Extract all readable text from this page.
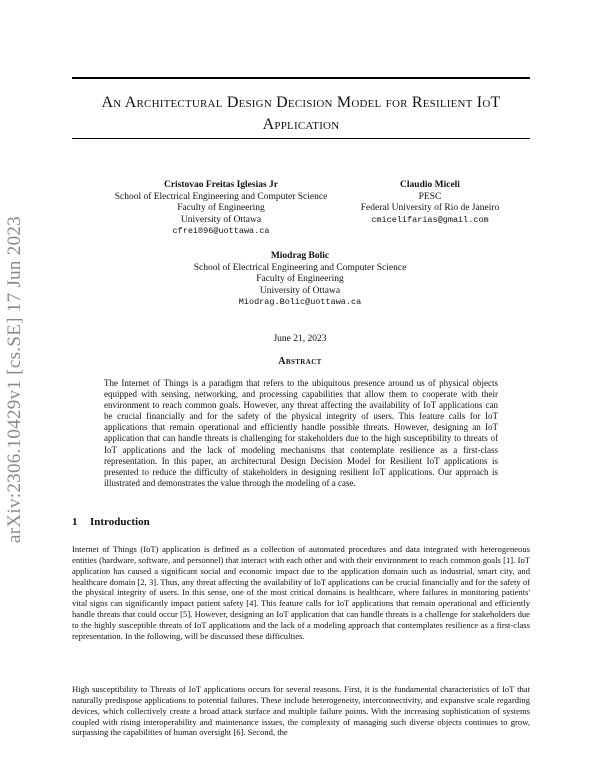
arXiv:2306.10429v1 [cs.SE] 17 Jun 2023
An Architectural Design Decision Model for Resilient IoT Application
Cristovao Freitas Iglesias Jr
School of Electrical Engineering and Computer Science
Faculty of Engineering
University of Ottawa
cfrei096@uottawa.ca
Claudio Miceli
PESC
Federal University of Rio de Janeiro
cmicelifarias@gmail.com
Miodrag Bolic
School of Electrical Engineering and Computer Science
Faculty of Engineering
University of Ottawa
Miodrag.Bolic@uottawa.ca
June 21, 2023
Abstract

The Internet of Things is a paradigm that refers to the ubiquitous presence around us of physical objects equipped with sensing, networking, and processing capabilities that allow them to cooperate with their environment to reach common goals. However, any threat affecting the availability of IoT applications can be crucial financially and for the safety of the physical integrity of users. This feature calls for IoT applications that remain operational and efficiently handle possible threats. However, designing an IoT application that can handle threats is challenging for stakeholders due to the high susceptibility to threats of IoT applications and the lack of modeling mechanisms that contemplate resilience as a first-class representation. In this paper, an architectural Design Decision Model for Resilient IoT applications is presented to reduce the difficulty of stakeholders in designing resilient IoT applications. Our approach is illustrated and demonstrates the value through the modeling of a case.

1 Introduction

Internet of Things (IoT) application is defined as a collection of automated procedures and data integrated with heterogeneous entities (hardware, software, and personnel) that interact with each other and with their environment to reach common goals [1]. IoT application has caused a significant social and economic impact due to the application domain such as industrial, smart city, and healthcare domain [2, 3]. Thus, any threat affecting the availability of IoT applications can be crucial financially and for the safety of the physical integrity of users. In this sense, one of the most critical domains is healthcare, where failures in monitoring patients' vital signs can significantly impact patient safety [4]. This feature calls for IoT applications that remain operational and efficiently handle threats that could occur [5]. However, designing an IoT application that can handle threats is a challenge for stakeholders due to the highly susceptible threats of IoT applications and the lack of a modeling approach that contemplates resilience as a first-class representation. In the following, will be discussed these difficulties.

High susceptibility to Threats of IoT applications occurs for several reasons. First, it is the fundamental characteristics of IoT that naturally predispose applications to potential failures. These include heterogeneity, interconnectivity, and expansive scale regarding devices, which collectively create a broad attack surface and multiple failure points. With the increasing sophistication of systems coupled with rising interoperability and maintenance issues, the complexity of managing such diverse objects continues to grow, surpassing the capabilities of human oversight [6]. Second, the
